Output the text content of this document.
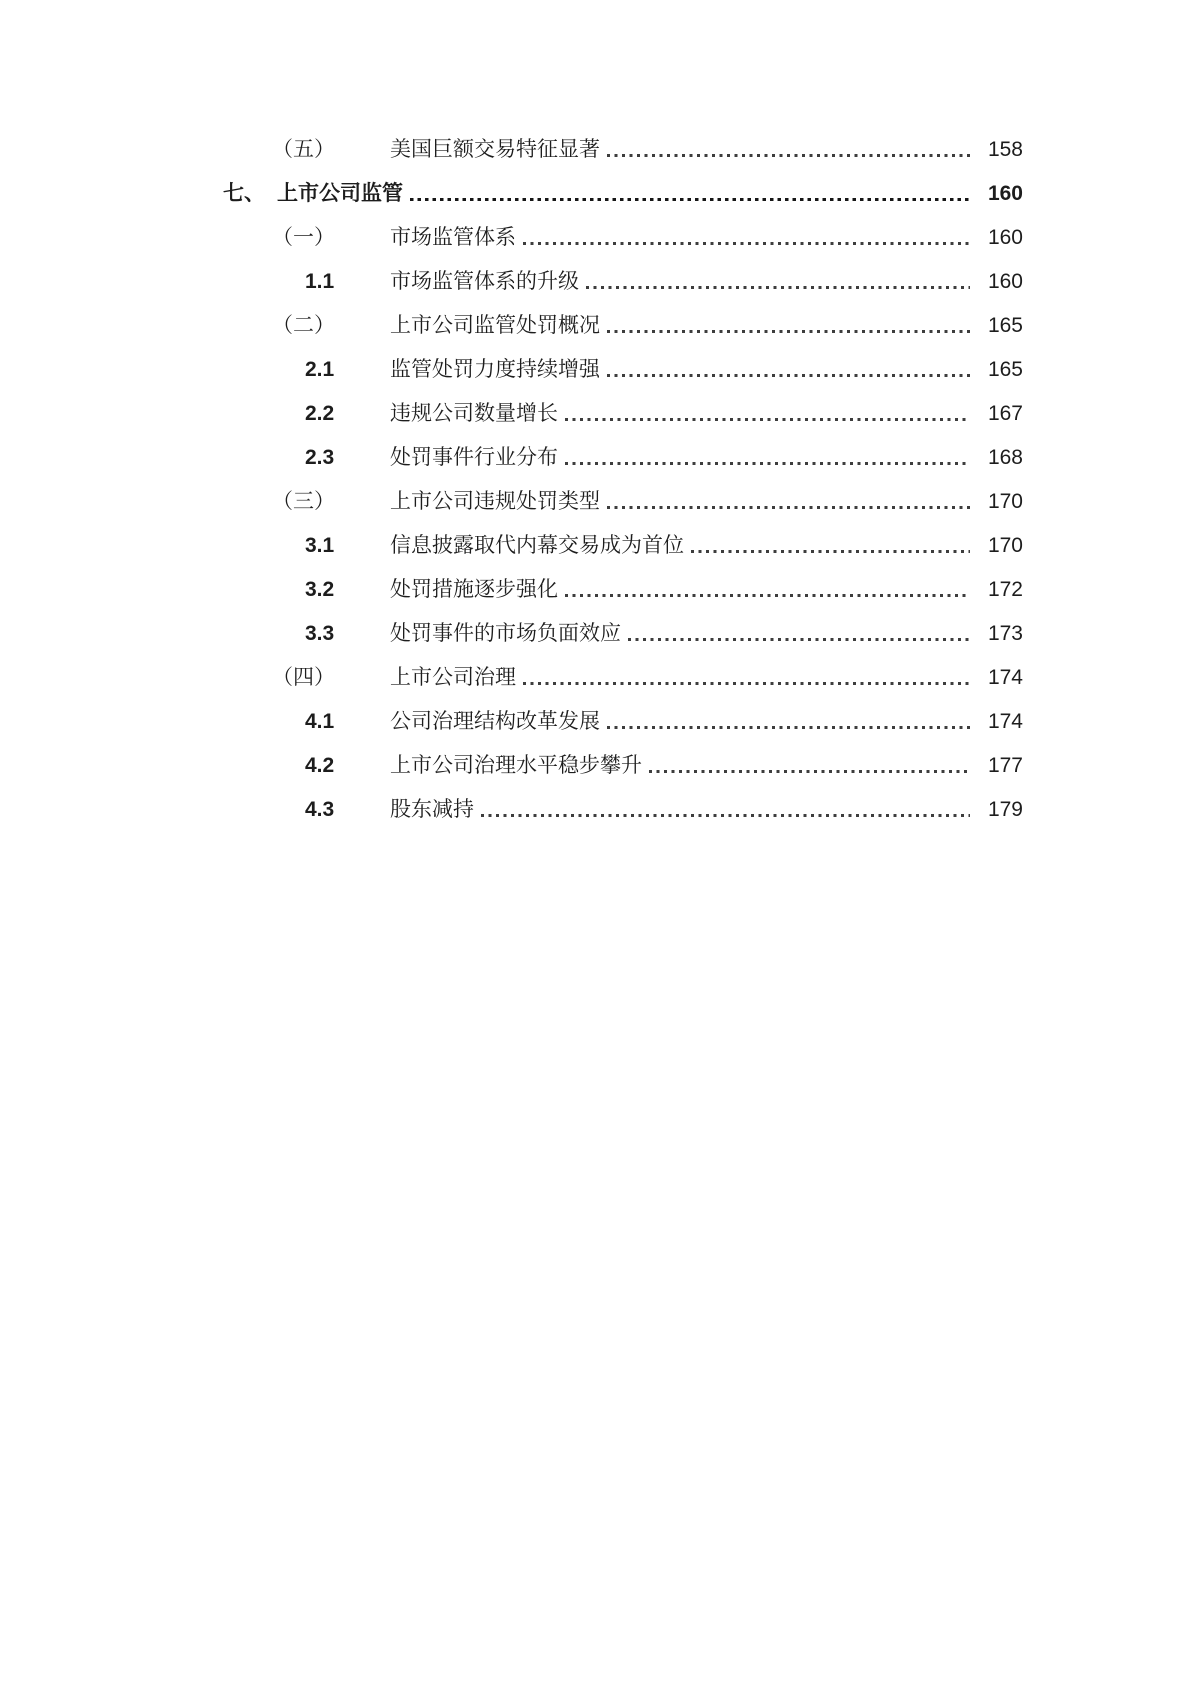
（五）	美国巨额交易特征显著	158
七、 上市公司监管	160
（一）	市场监管体系	160
1.1	市场监管体系的升级	160
（二）	上市公司监管处罚概况	165
2.1	监管处罚力度持续增强	165
2.2	违规公司数量增长	167
2.3	处罚事件行业分布	168
（三）	上市公司违规处罚类型	170
3.1	信息披露取代内幕交易成为首位	170
3.2	处罚措施逐步强化	172
3.3	处罚事件的市场负面效应	173
（四）	上市公司治理	174
4.1	公司治理结构改革发展	174
4.2	上市公司治理水平稳步攀升	177
4.3	股东减持	179
